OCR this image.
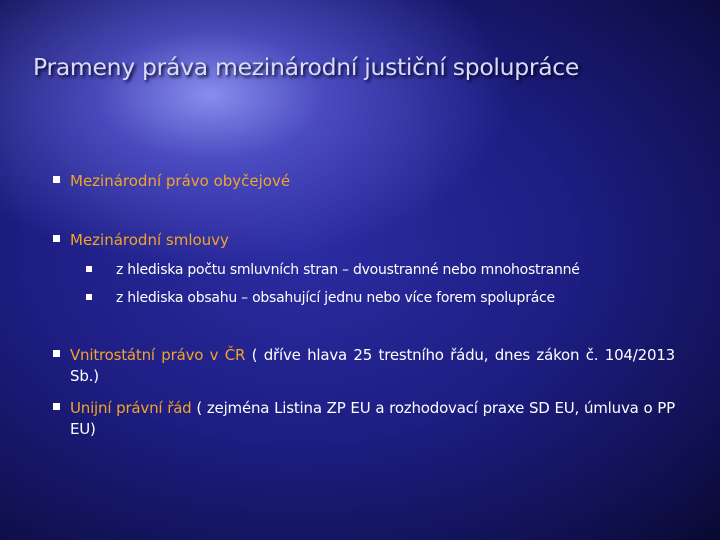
Prameny práva mezinárodní justiční spolupráce
Mezinárodní právo obyčejové
Mezinárodní smlouvy
z hlediska počtu smluvních stran – dvoustranné nebo mnohostranné
z hlediska obsahu – obsahující jednu nebo více forem spolupráce
Vnitrostátní právo v ČR ( dříve hlava 25 trestního řádu, dnes zákon č. 104/2013 Sb.)
Unijní právní řád ( zejména Listina ZP EU a rozhodovací praxe SD EU, úmluva o PP EU)
